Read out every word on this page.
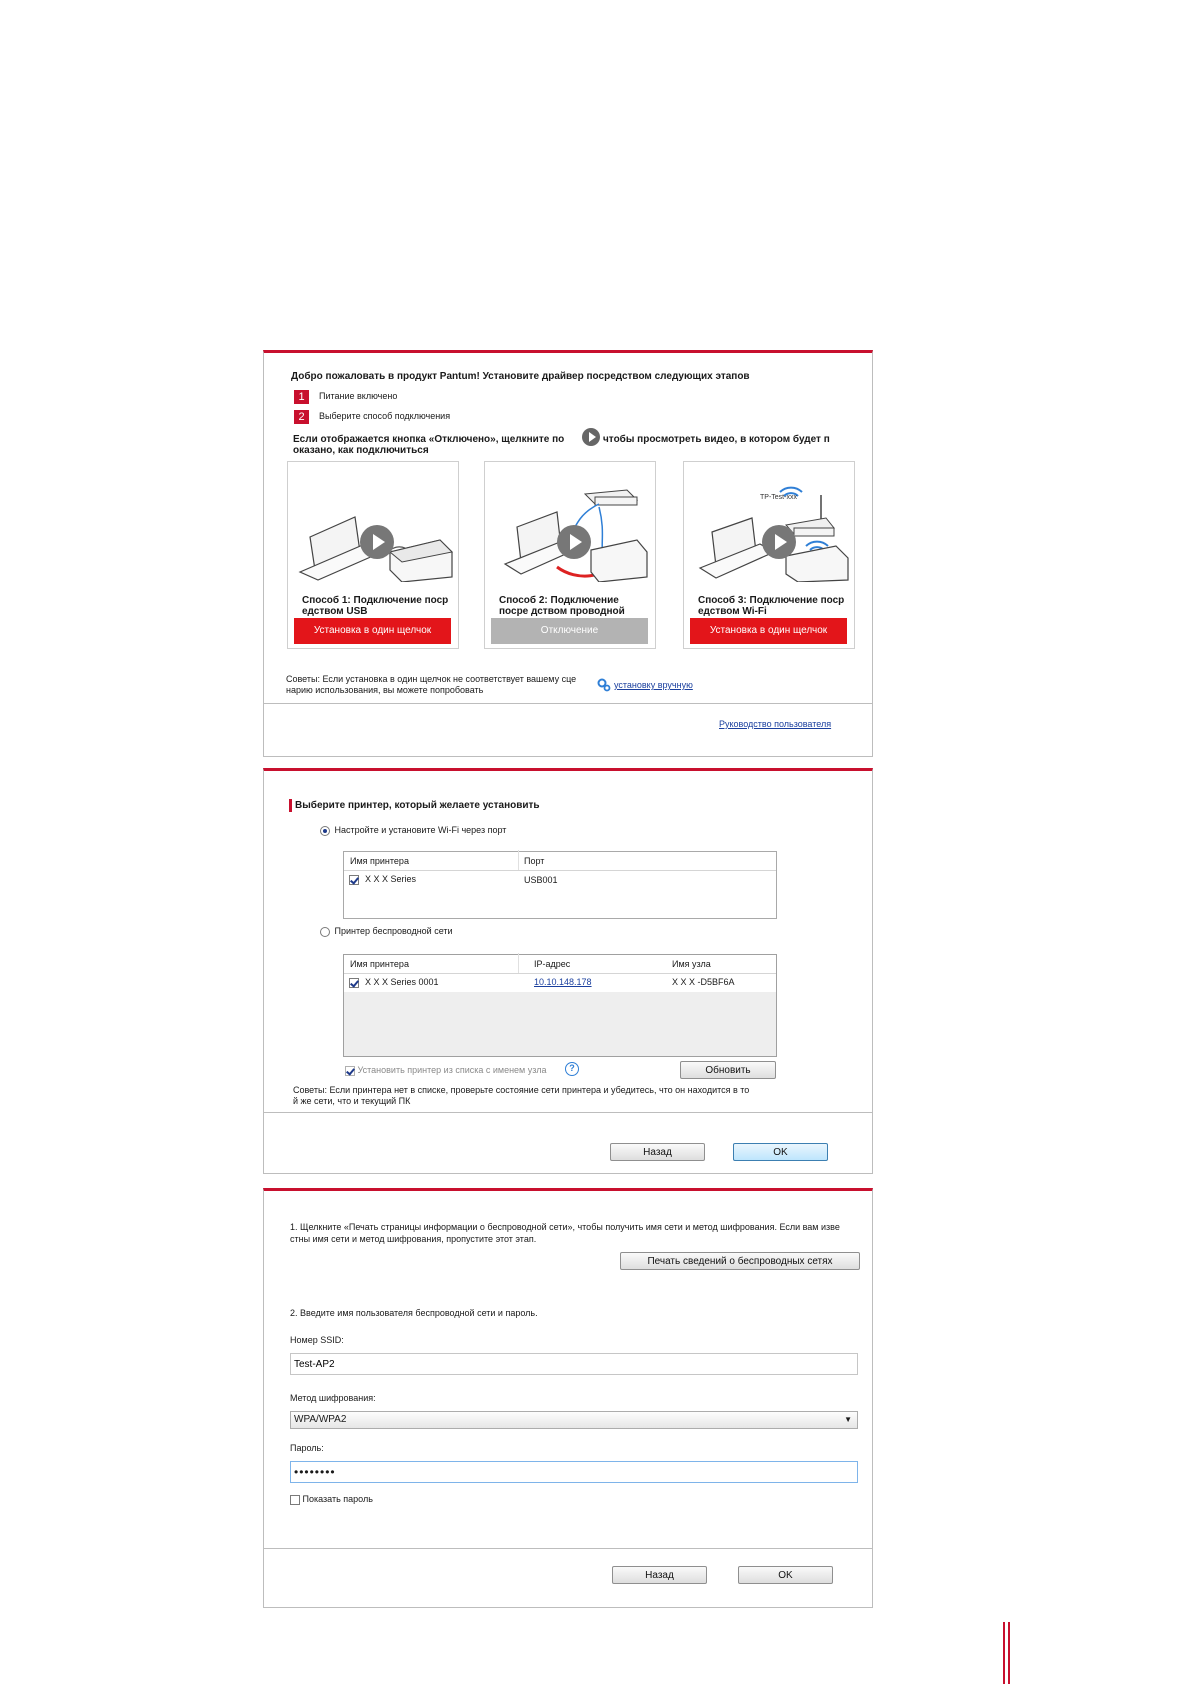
Добро пожаловать в продукт Pantum! Установите драйвер посредством следующих этапов
1	Питание включено
2	Выберите способ подключения
Если отображается кнопка «Отключено», щелкните по	чтобы просмотреть видео, в котором будет п
оказано, как подключиться
Способ 1: Подключение поср едством USB
Установка в один щелчок
Способ 2: Подключение посре дством проводной
Отключение
TP-Test-xxx
Способ 3: Подключение поср едством Wi-Fi
Установка в один щелчок
Советы: Если установка в один щелчок не соответствует вашему сце
нарию использования, вы можете попробовать	установку вручную
Руководство пользователя
Выберите принтер, который желаете установить
Настройте и установите Wi-Fi через порт
Имя принтера	Порт
X X X Series	USB001
Принтер беспроводной сети
Имя принтера	IP-адрес	Имя узла
X X X Series 0001	10.10.148.178	X X X -D5BF6A
Установить принтер из списка с именем узла	?	Обновить
Советы: Если принтера нет в списке, проверьте состояние сети принтера и убедитесь, что он находится в то
й же сети, что и текущий ПК
Назад	OK
1. Щелкните «Печать страницы информации о беспроводной сети», чтобы получить имя сети и метод шифрования. Если вам изве
стны имя сети и метод шифрования, пропустите этот этап.
Печать сведений о беспроводных сетях
2. Введите имя пользователя беспроводной сети и пароль.
Номер SSID:
Test-AP2
Метод шифрования:
WPA/WPA2	▼
Пароль:
••••••••
Показать пароль
Назад	OK
